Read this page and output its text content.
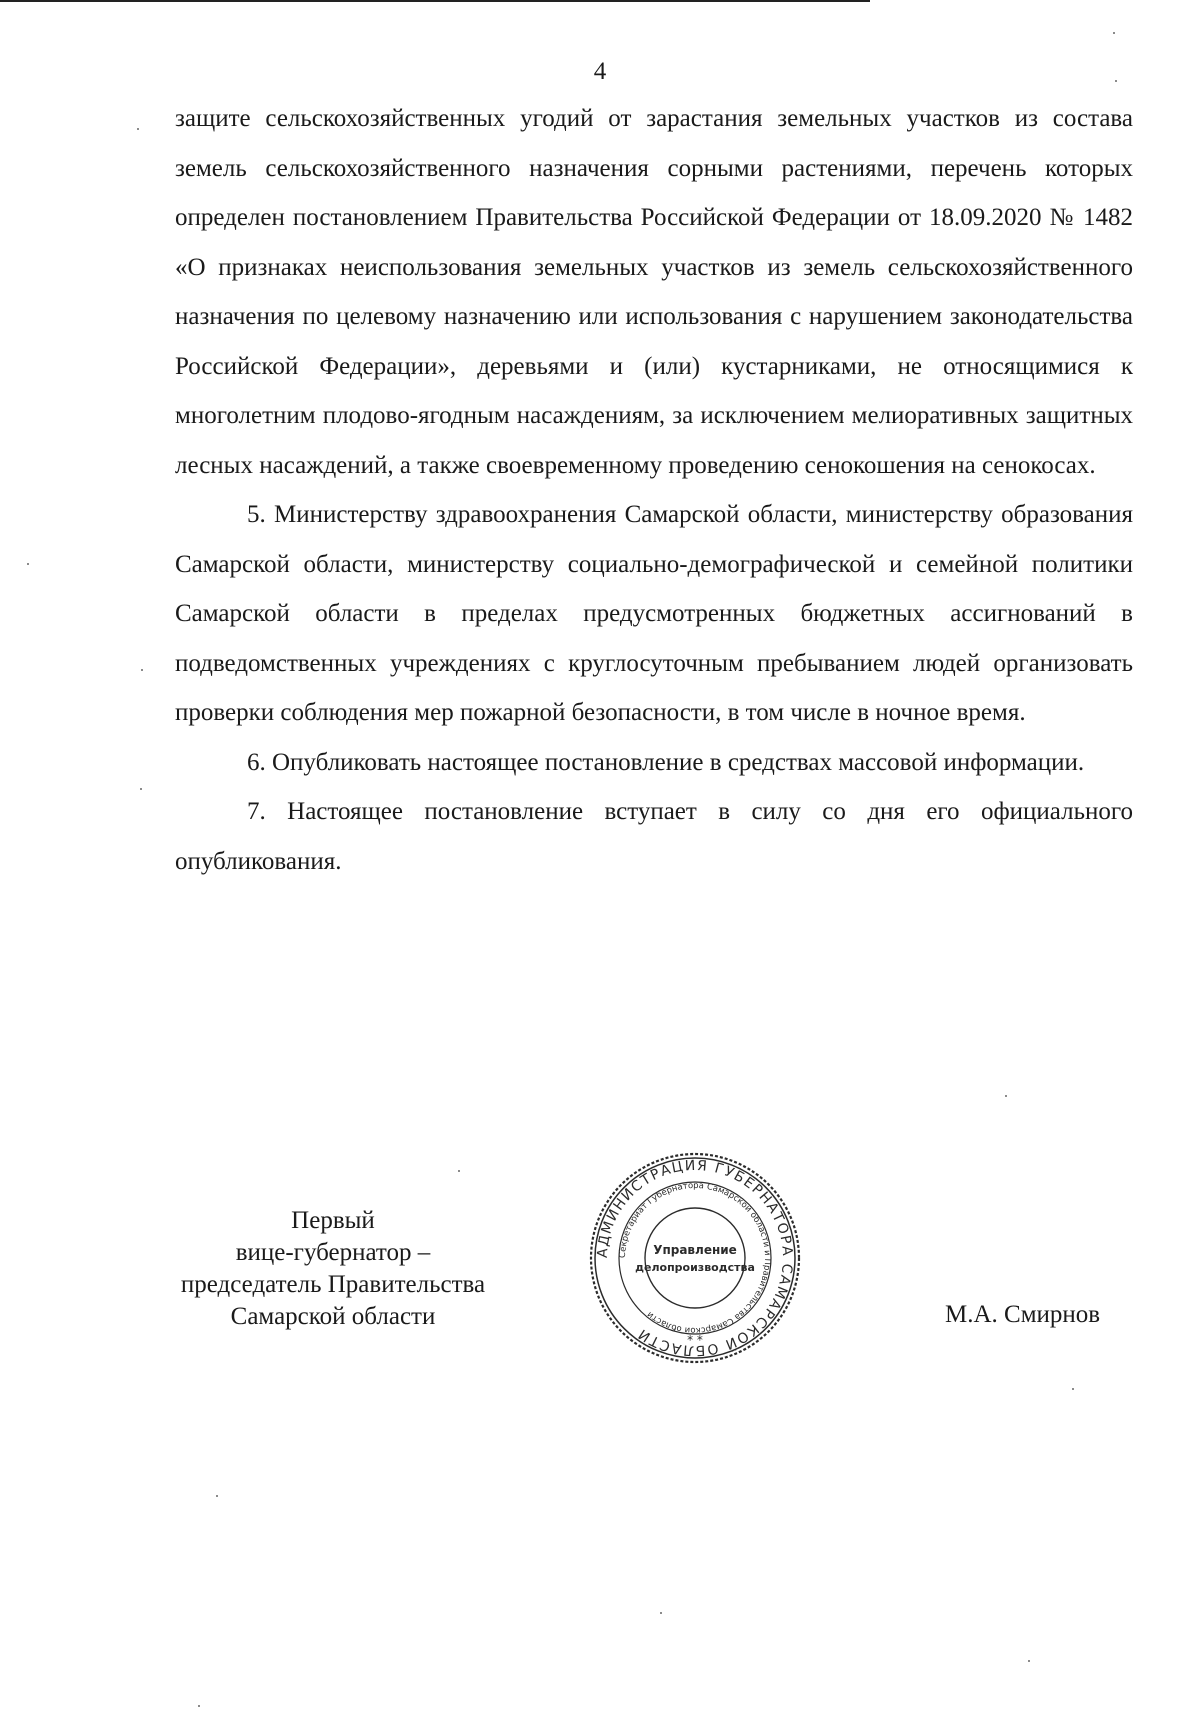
4

защите сельскохозяйственных угодий от зарастания земельных участков из состава земель сельскохозяйственного назначения сорными растениями, перечень которых определен постановлением Правительства Российской Федерации от 18.09.2020 № 1482 «О признаках неиспользования земельных участков из земель сельскохозяйственного назначения по целевому назначению или использования с нарушением законодательства Российской Федерации», деревьями и (или) кустарниками, не относящимися к многолетним плодово-ягодным насаждениям, за исключением мелиоративных защитных лесных насаждений, а также своевременному проведению сенокошения на сенокосах.

5. Министерству здравоохранения Самарской области, министерству образования Самарской области, министерству социально-демографической и семейной политики Самарской области в пределах предусмотренных бюджетных ассигнований в подведомственных учреждениях с круглосуточным пребыванием людей организовать проверки соблюдения мер пожарной безопасности, в том числе в ночное время.

6. Опубликовать настоящее постановление в средствах массовой информации.

7. Настоящее постановление вступает в силу со дня его официального опубликования.

Первый
вице-губернатор –
председатель Правительства
Самарской области
АДМИНИСТРАЦИЯ ГУБЕРНАТОРА САМАРСКОЙ ОБЛАСТИ
Секретариат Губернатора Самарской области и Правительства Самарской области
Управление
делопроизводства
* *
М.А. Смирнов
